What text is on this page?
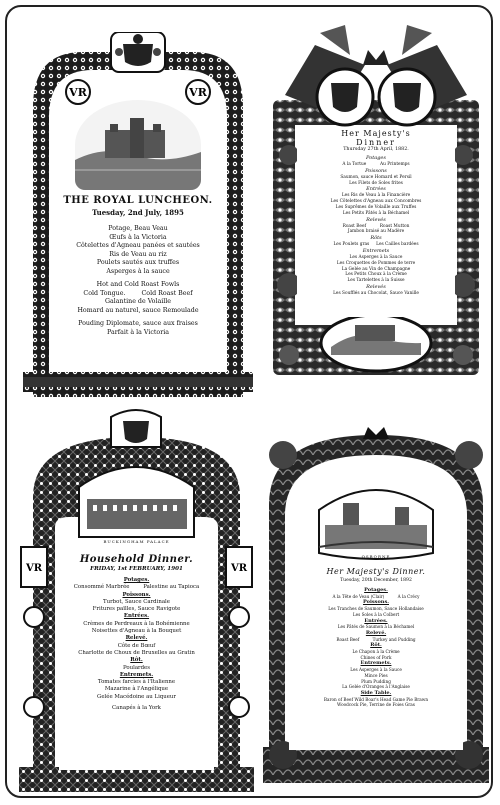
VR	VR
THE ROYAL LUNCHEON.
Tuesday, 2nd July, 1895
Potage, Beau Veau
Œufs à la Victoria
Côtelettes d'Agneau panées et sautées
Ris de Veau au riz
Poulets sautés aux truffes
Asperges à la sauce
Hot and Cold Roast Fowls
Cold Tongue.        Cold Roast Beef
Galantine de Volaille
Homard au naturel, sauce Remoulade
Pouding Diplomate, sauce aux fraises
Parfait à la Victoria
Her Majesty's
Dinner
Thursday 27th April, 1882.
Potages
A la Tortue          Au Printemps
Poissons
Saumon, sauce Homard et Persil
Les Filets de Soles frites
Entrées
Les Ris de Veau à la Financière
Les Côtelettes d'Agneau aux Concombres
Les Suprêmes de Volaille aux Truffes
Les Petits Pâtés à la Béchamel
Relevés
Roast Beef          Roast Mutton
Jambon braisé au Madère
Rôts
Les Poulets gras     Les Cailles bardées
Entremets
Les Asperges à la Sauce
Les Croquettes de Pommes de terre
La Gelée au Vin de Champagne
Les Petits Choux à la Crème
Les Tartelettes à la Suisse
Relevés
Les Soufflés au Chocolat, Sauce Vanille
VR	VR
BUCKINGHAM PALACE
Household Dinner.
FRIDAY, 1st FEBRUARY, 1901
Potages.
Consommé Marbrée        Palestine au Tapioca
Poissons.
Turbot, Sauce Cardinale
Fritures païlles, Sauce Ravigote
Entrées.
Crèmes de Perdreaux à la Bohémienne
Noisettes d'Agneau à la Bouquet
Relevé.
Côte de Bœuf
Charlotte de Choux de Bruxelles au Gratin
Rôt.
Poulardes
Entremets.
Tomates farcies à l'Italienne
Mazarine à l'Angélique
Gelée Macédoine au Liqueur
Canapés à la York
OSBORNE
Her Majesty's Dinner.
Tuesday, 20th December, 1892
Potages.
A la Tête de Veau (Clair)          A la Crécy
Poissons.
Les Tranches de Saumon, Sauce Hollandaise
Les Soles à la Colbert
Entrées.
Les Pâtés de Saumon à la Béchamel
Relevé.
Roast Beef          Turkey and Pudding
Rôt.
Le Chapon à la Crème
Chines of Pork
Entremets.
Les Asperges à la Sauce
Mince Pies
Plum Pudding
La Gelée d'Oranges à l'Anglaise
Side Table.
Baron of Beef Wild Boar's Head Game Pie Brawn
Woodcock Pie, Terrine de Foies Gras
